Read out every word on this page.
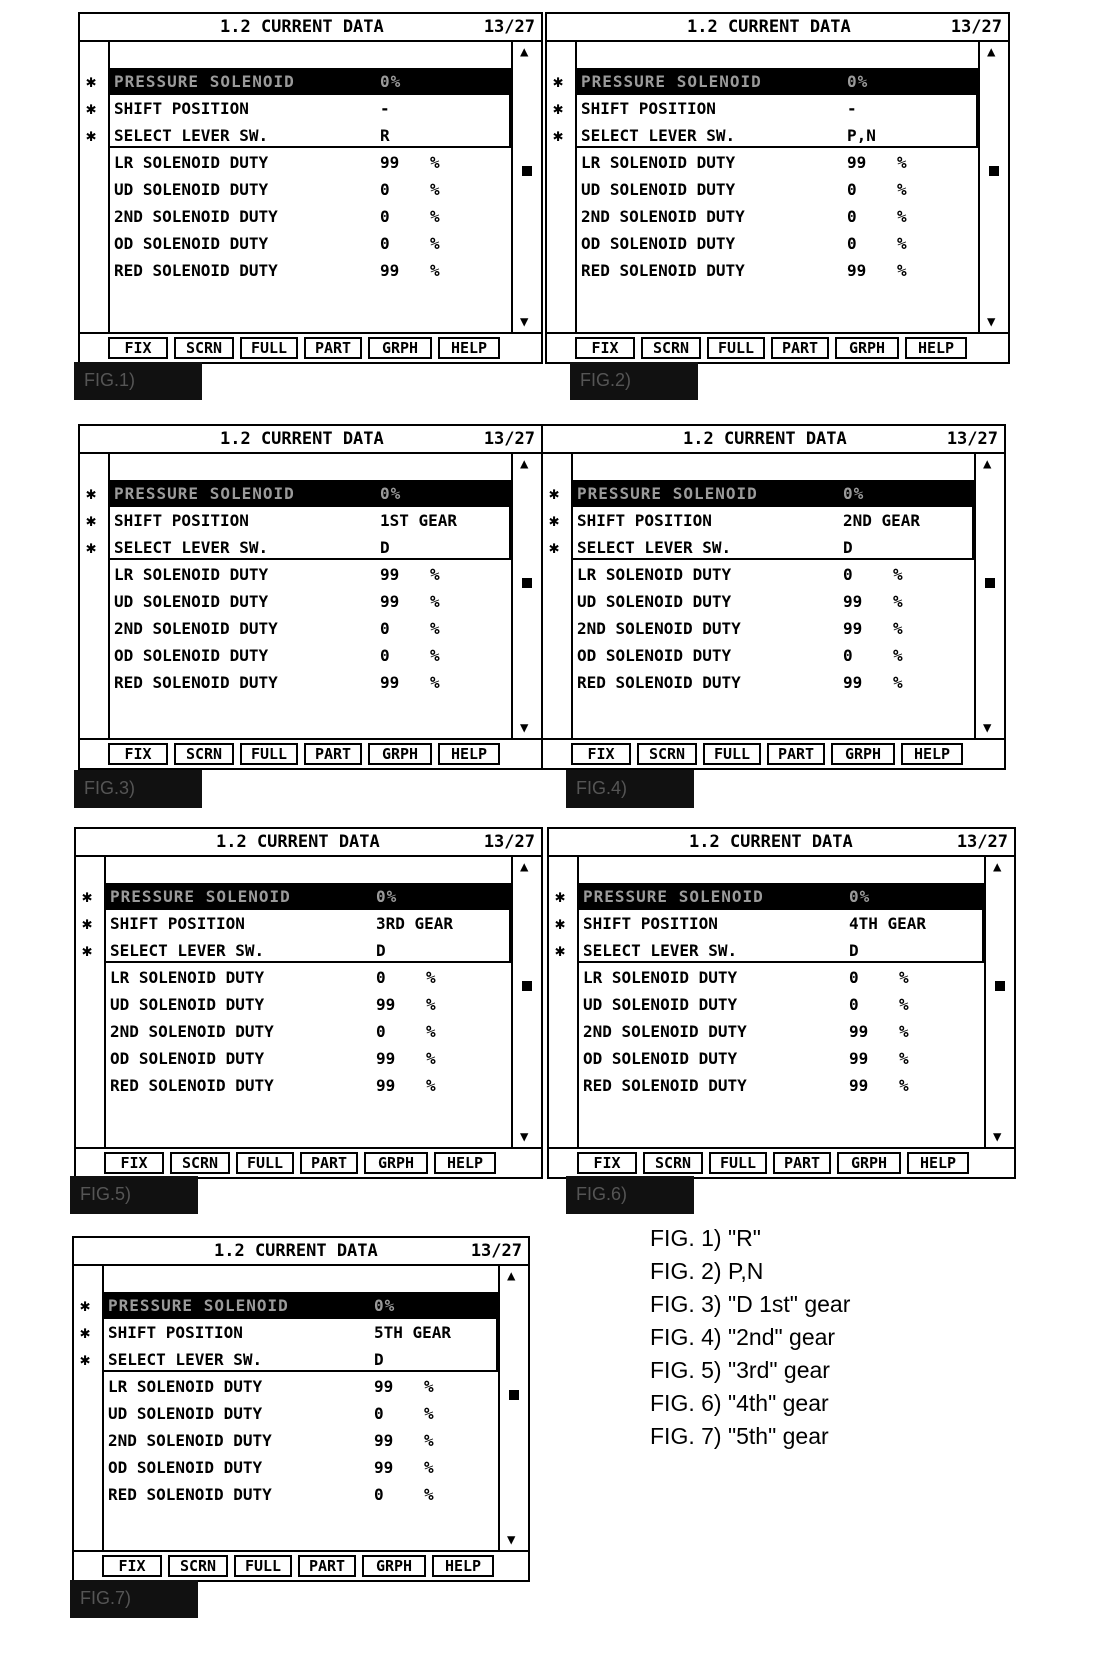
1.2 CURRENT DATA	13/27
✱
✱
✱
PRESSURE SOLENOID	0%
SHIFT POSITION	-
SELECT LEVER SW.	R
LR SOLENOID DUTY	99 %
UD SOLENOID DUTY	0	%
2ND SOLENOID DUTY	0	%
OD SOLENOID DUTY	0	%
RED SOLENOID DUTY	99 %
▲
▼
FIX	SCRN	FULL	PART	GRPH	HELP
1.2 CURRENT DATA	13/27
✱
✱
✱
PRESSURE SOLENOID	0%
SHIFT POSITION	-
SELECT LEVER SW.	P,N
LR SOLENOID DUTY	99 %
UD SOLENOID DUTY	0	%
2ND SOLENOID DUTY	0	%
OD SOLENOID DUTY	0	%
RED SOLENOID DUTY	99 %
▲
▼
FIX	SCRN	FULL	PART	GRPH	HELP
1.2 CURRENT DATA	13/27
✱
✱
✱
PRESSURE SOLENOID	0%
SHIFT POSITION	1ST GEAR
SELECT LEVER SW.	D
LR SOLENOID DUTY	99 %
UD SOLENOID DUTY	99 %
2ND SOLENOID DUTY	0	%
OD SOLENOID DUTY	0	%
RED SOLENOID DUTY	99 %
▲
▼
FIX	SCRN	FULL	PART	GRPH	HELP
1.2 CURRENT DATA	13/27
✱
✱
✱
PRESSURE SOLENOID	0%
SHIFT POSITION	2ND GEAR
SELECT LEVER SW.	D
LR SOLENOID DUTY	0	%
UD SOLENOID DUTY	99 %
2ND SOLENOID DUTY	99 %
OD SOLENOID DUTY	0	%
RED SOLENOID DUTY	99 %
▲
▼
FIX	SCRN	FULL	PART	GRPH	HELP
1.2 CURRENT DATA	13/27
✱
✱
✱
PRESSURE SOLENOID	0%
SHIFT POSITION	3RD GEAR
SELECT LEVER SW.	D
LR SOLENOID DUTY	0	%
UD SOLENOID DUTY	99 %
2ND SOLENOID DUTY	0	%
OD SOLENOID DUTY	99 %
RED SOLENOID DUTY	99 %
▲
▼
FIX	SCRN	FULL	PART	GRPH	HELP
1.2 CURRENT DATA	13/27
✱
✱
✱
PRESSURE SOLENOID	0%
SHIFT POSITION	4TH GEAR
SELECT LEVER SW.	D
LR SOLENOID DUTY	0	%
UD SOLENOID DUTY	0	%
2ND SOLENOID DUTY	99 %
OD SOLENOID DUTY	99 %
RED SOLENOID DUTY	99 %
▲
▼
FIX	SCRN	FULL	PART	GRPH	HELP
1.2 CURRENT DATA	13/27
✱
✱
✱
PRESSURE SOLENOID	0%
SHIFT POSITION	5TH GEAR
SELECT LEVER SW.	D
LR SOLENOID DUTY	99 %
UD SOLENOID DUTY	0	%
2ND SOLENOID DUTY	99 %
OD SOLENOID DUTY	99 %
RED SOLENOID DUTY	0	%
▲
▼
FIX	SCRN	FULL	PART	GRPH	HELP
FIG.1)	FIG.2)
FIG.3)	FIG.4)
FIG.5)	FIG.6)
FIG.7)
FIG. 1) "R"
FIG. 2) P,N
FIG. 3) "D 1st" gear
FIG. 4) "2nd" gear
FIG. 5) "3rd" gear
FIG. 6) "4th" gear
FIG. 7) "5th" gear
